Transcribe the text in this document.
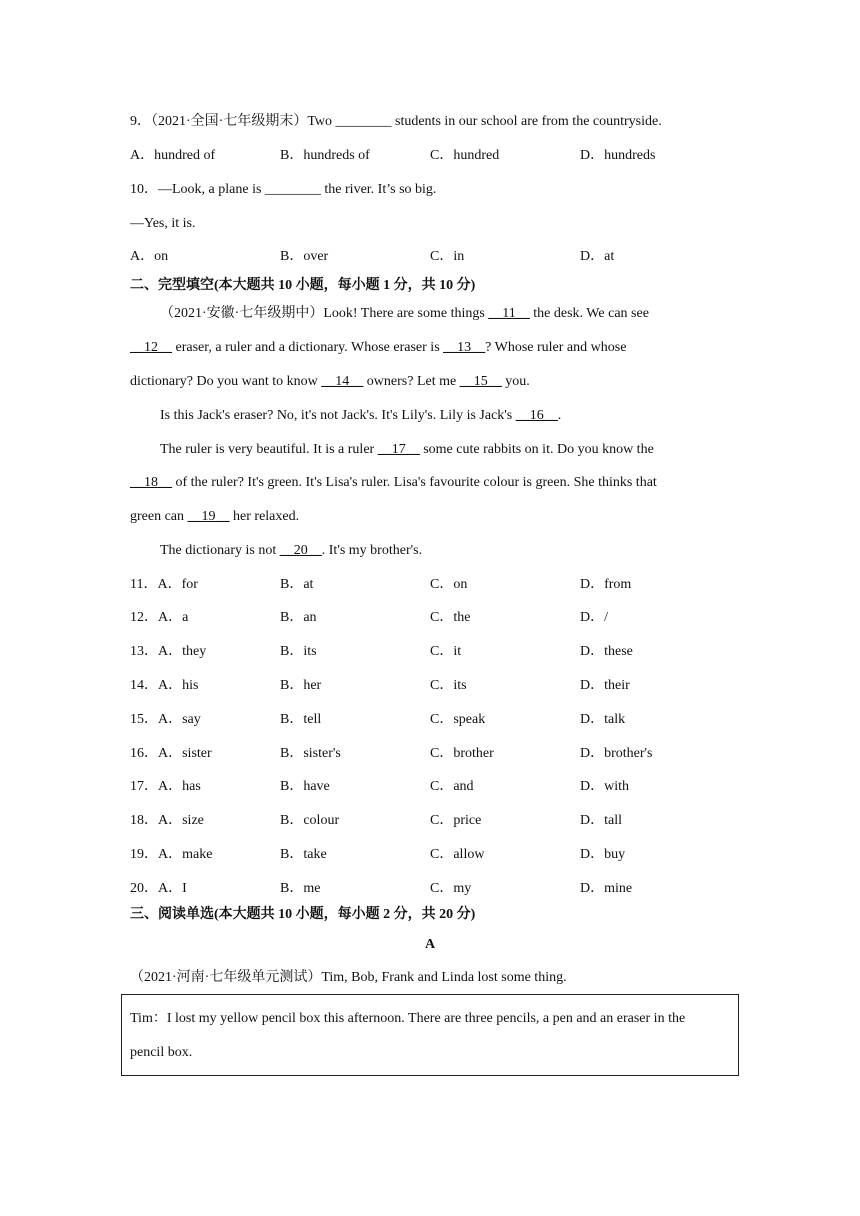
9．（2021·全国·七年级期末）Two ________ students in our school are from the countryside.
A．hundred of	B．hundreds of	C．hundred	D．hundreds
10．—Look, a plane is ________ the river. It’s so big.
—Yes, it is.
A．on	B．over	C．in	D．at
二、完型填空(本大题共 10 小题，每小题 1 分，共 10 分)
（2021·安徽·七年级期中）Look! There are some things __11__ the desk. We can see
__12__ eraser, a ruler and a dictionary. Whose eraser is __13__? Whose ruler and whose
dictionary? Do you want to know __14__ owners? Let me __15__ you.
Is this Jack's eraser? No, it's not Jack's. It's Lily's. Lily is Jack's __16__.
The ruler is very beautiful. It is a ruler __17__ some cute rabbits on it. Do you know the
__18__ of the ruler? It's green. It's Lisa's ruler. Lisa's favourite colour is green. She thinks that
green can __19__ her relaxed.
The dictionary is not __20__. It's my brother's.
11．A．for	B．at	C．on	D．from
12．A．a	B．an	C．the	D．/
13．A．they	B．its	C．it	D．these
14．A．his	B．her	C．its	D．their
15．A．say	B．tell	C．speak	D．talk
16．A．sister	B．sister's	C．brother	D．brother's
17．A．has	B．have	C．and	D．with
18．A．size	B．colour	C．price	D．tall
19．A．make	B．take	C．allow	D．buy
20．A．I	B．me	C．my	D．mine
三、阅读单选(本大题共 10 小题，每小题 2 分，共 20 分)
A
（2021·河南·七年级单元测试）Tim, Bob, Frank and Linda lost some thing.
Tim：I lost my yellow pencil box this afternoon. There are three pencils, a pen and an eraser in the
pencil box.
